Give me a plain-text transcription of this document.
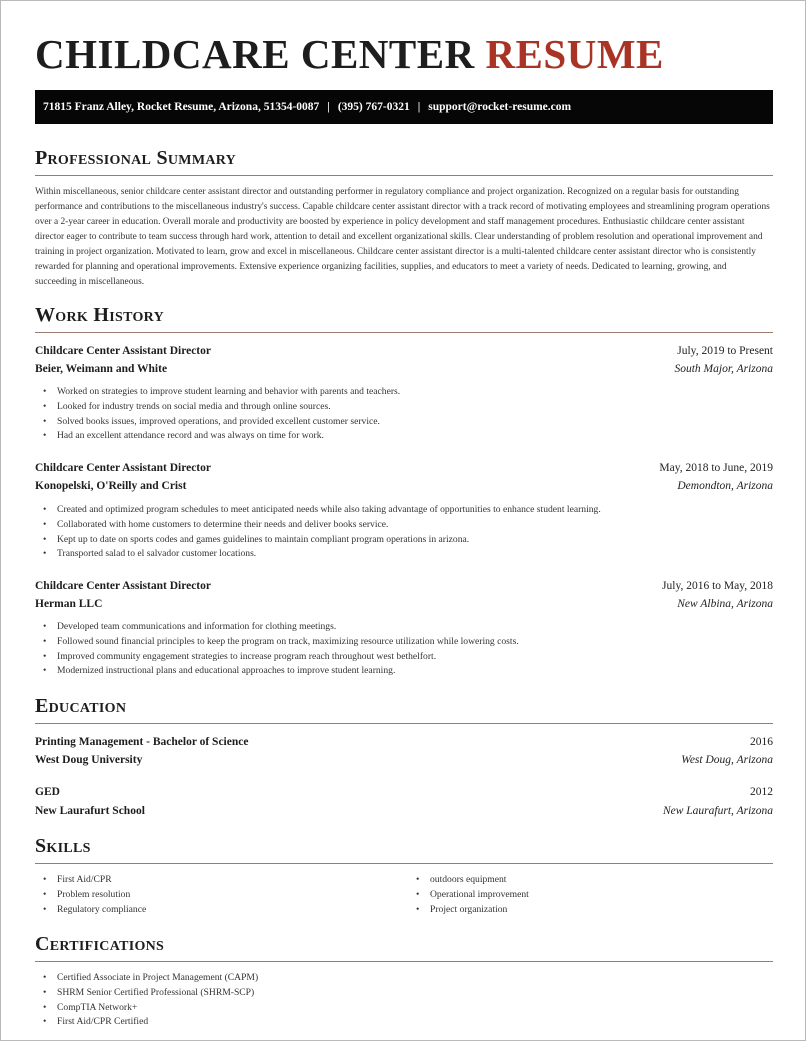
CHILDCARE CENTER RESUME
71815 Franz Alley, Rocket Resume, Arizona, 51354-0087 | (395) 767-0321 | support@rocket-resume.com
Professional Summary

Within miscellaneous, senior childcare center assistant director and outstanding performer in regulatory compliance and project organization. Recognized on a regular basis for outstanding performance and contributions to the miscellaneous industry's success. Capable childcare center assistant director with a track record of motivating employees and streamlining program operations over a 2-year career in education. Overall morale and productivity are boosted by experience in policy development and staff management procedures. Enthusiastic childcare center assistant director eager to contribute to team success through hard work, attention to detail and excellent organizational skills. Clear understanding of problem resolution and operational improvement and training in project organization. Motivated to learn, grow and excel in miscellaneous. Childcare center assistant director is a multi-talented childcare center assistant director who is consistently rewarded for planning and operational improvements. Extensive experience organizing facilities, supplies, and educators to meet a variety of needs. Dedicated to learning, growing, and succeeding in miscellaneous.

Work History
Childcare Center Assistant Director	July, 2019 to Present
Beier, Weimann and White	South Major, Arizona
• Worked on strategies to improve student learning and behavior with parents and teachers.
• Looked for industry trends on social media and through online sources.
• Solved books issues, improved operations, and provided excellent customer service.
• Had an excellent attendance record and was always on time for work.
Childcare Center Assistant Director	May, 2018 to June, 2019
Konopelski, O'Reilly and Crist	Demondton, Arizona
• Created and optimized program schedules to meet anticipated needs while also taking advantage of opportunities to enhance student learning.
• Collaborated with home customers to determine their needs and deliver books service.
• Kept up to date on sports codes and games guidelines to maintain compliant program operations in arizona.
• Transported salad to el salvador customer locations.
Childcare Center Assistant Director	July, 2016 to May, 2018
Herman LLC	New Albina, Arizona
• Developed team communications and information for clothing meetings.
• Followed sound financial principles to keep the program on track, maximizing resource utilization while lowering costs.
• Improved community engagement strategies to increase program reach throughout west bethelfort.
• Modernized instructional plans and educational approaches to improve student learning.
Education
Printing Management - Bachelor of Science	2016
West Doug University	West Doug, Arizona
GED	2012
New Laurafurt School	New Laurafurt, Arizona
Skills
• First Aid/CPR
• Problem resolution
• Regulatory compliance
• outdoors equipment
• Operational improvement
• Project organization
Certifications
• Certified Associate in Project Management (CAPM)
• SHRM Senior Certified Professional (SHRM-SCP)
• CompTIA Network+
• First Aid/CPR Certified
